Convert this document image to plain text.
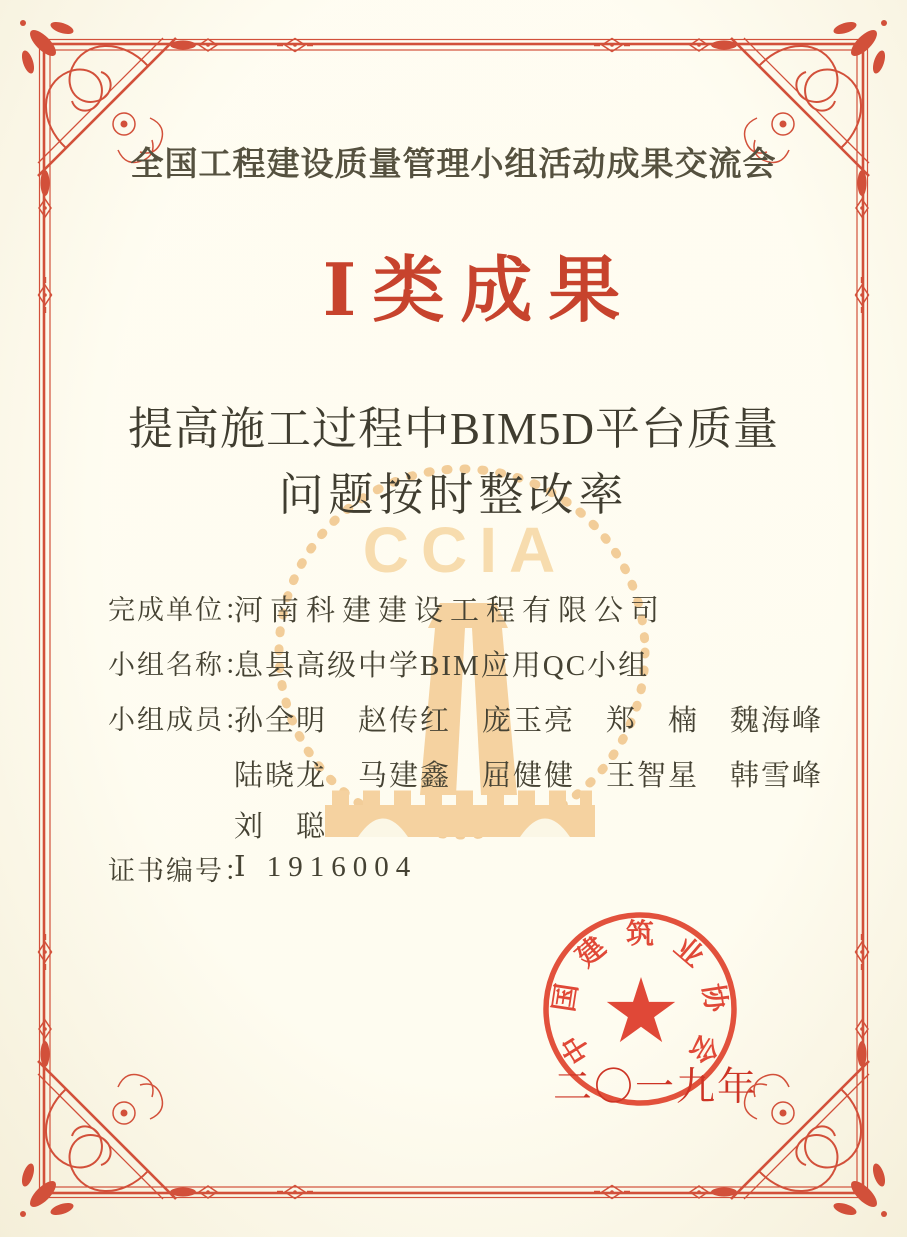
CCIA
全国工程建设质量管理小组活动成果交流会
Ⅰ类成果
提高施工过程中BIM5D平台质量
问题按时整改率
完成单位：
河南科建建设工程有限公司
小组名称：
息县高级中学BIM应用QC小组
小组成员：
孙全明　赵传红　庞玉亮　郑　楠　魏海峰
陆晓龙　马建鑫　屈健健　王智星　韩雪峰
刘　聪
证书编号：
Ⅰ 1916004
中
国
建 筑 业
协
会
二〇一九年
